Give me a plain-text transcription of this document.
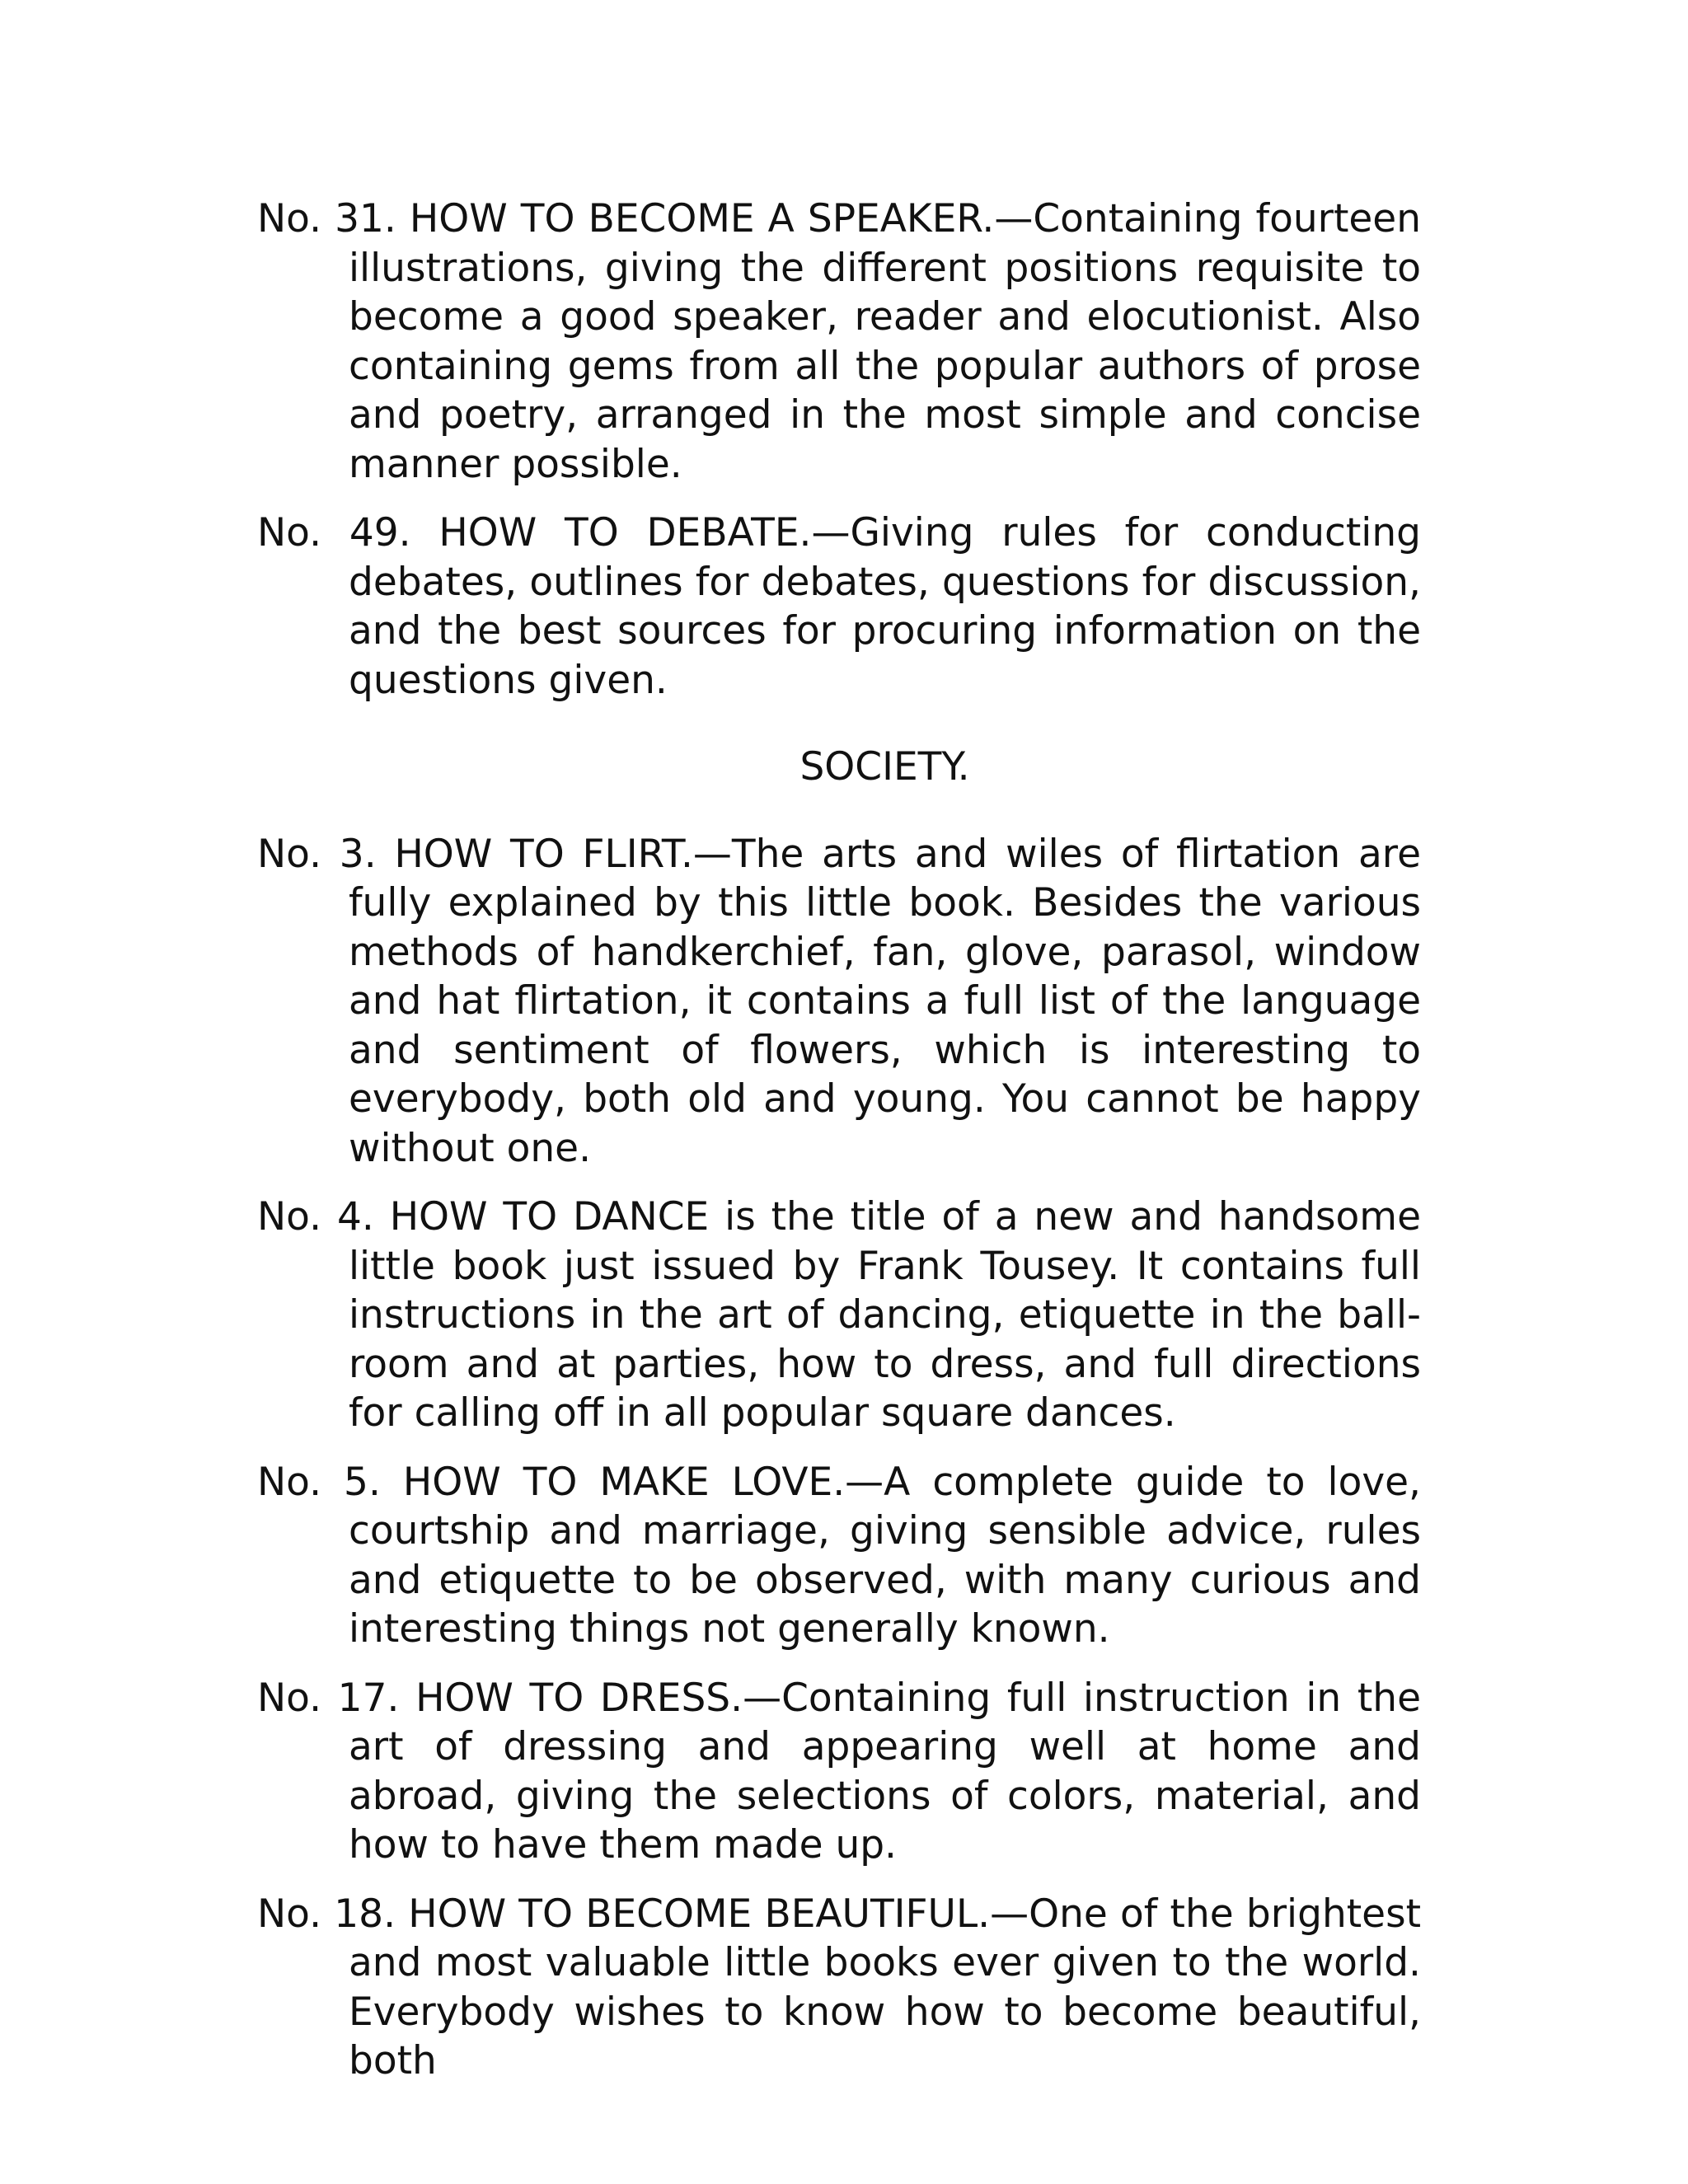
No. 31. HOW TO BECOME A SPEAKER.—Containing fourteen illustrations, giving the different positions requisite to become a good speaker, reader and elocutionist. Also containing gems from all the popular authors of prose and poetry, arranged in the most simple and concise manner possible.

No. 49. HOW TO DEBATE.—Giving rules for conducting debates, outlines for debates, questions for discussion, and the best sources for procuring information on the questions given.

SOCIETY.

No. 3. HOW TO FLIRT.—The arts and wiles of flirtation are fully explained by this little book. Besides the various methods of handkerchief, fan, glove, parasol, window and hat flirtation, it contains a full list of the language and sentiment of flowers, which is interesting to everybody, both old and young. You cannot be happy without one.

No. 4. HOW TO DANCE is the title of a new and handsome little book just issued by Frank Tousey. It contains full instructions in the art of dancing, etiquette in the ball-room and at parties, how to dress, and full directions for calling off in all popular square dances.

No. 5. HOW TO MAKE LOVE.—A complete guide to love, courtship and marriage, giving sensible advice, rules and etiquette to be observed, with many curious and interesting things not generally known.

No. 17. HOW TO DRESS.—Containing full instruction in the art of dressing and appearing well at home and abroad, giving the selections of colors, material, and how to have them made up.

No. 18. HOW TO BECOME BEAUTIFUL.—One of the brightest and most valuable little books ever given to the world. Everybody wishes to know how to become beautiful, both
